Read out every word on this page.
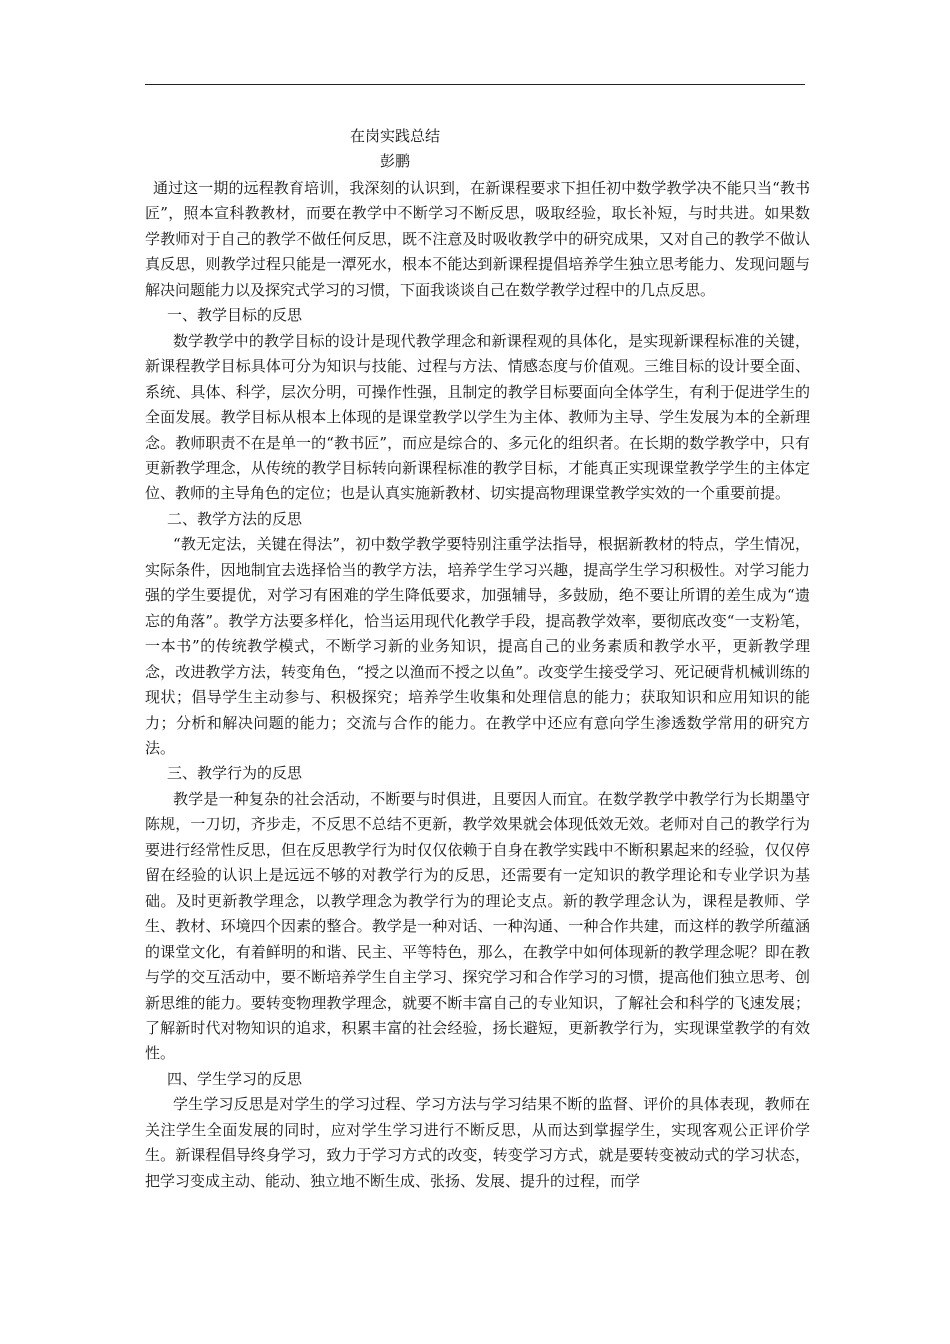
在岗实践总结
彭鹏

通过这一期的远程教育培训，我深刻的认识到，在新课程要求下担任初中数学教学决不能只当“教书匠”，照本宣科教教材，而要在教学中不断学习不断反思，吸取经验，取长补短，与时共进。如果数学教师对于自己的教学不做任何反思，既不注意及时吸收教学中的研究成果，又对自己的教学不做认真反思，则教学过程只能是一潭死水，根本不能达到新课程提倡培养学生独立思考能力、发现问题与解决问题能力以及探究式学习的习惯，下面我谈谈自己在数学教学过程中的几点反思。

一、教学目标的反思

数学教学中的教学目标的设计是现代教学理念和新课程观的具体化，是实现新课程标准的关键，新课程教学目标具体可分为知识与技能、过程与方法、情感态度与价值观。三维目标的设计要全面、系统、具体、科学，层次分明，可操作性强，且制定的教学目标要面向全体学生，有利于促进学生的全面发展。教学目标从根本上体现的是课堂教学以学生为主体、教师为主导、学生发展为本的全新理念。教师职责不在是单一的“教书匠”，而应是综合的、多元化的组织者。在长期的数学教学中，只有更新教学理念，从传统的教学目标转向新课程标准的教学目标，才能真正实现课堂教学学生的主体定位、教师的主导角色的定位；也是认真实施新教材、切实提高物理课堂教学实效的一个重要前提。

二、教学方法的反思

“教无定法，关键在得法”，初中数学教学要特别注重学法指导，根据新教材的特点，学生情况，实际条件，因地制宜去选择恰当的教学方法，培养学生学习兴趣，提高学生学习积极性。对学习能力强的学生要提优，对学习有困难的学生降低要求，加强辅导，多鼓励，绝不要让所谓的差生成为“遗忘的角落”。教学方法要多样化，恰当运用现代化教学手段，提高教学效率，要彻底改变“一支粉笔，一本书”的传统教学模式，不断学习新的业务知识，提高自己的业务素质和教学水平，更新教学理念，改进教学方法，转变角色，“授之以渔而不授之以鱼”。改变学生接受学习、死记硬背机械训练的现状；倡导学生主动参与、积极探究；培养学生收集和处理信息的能力；获取知识和应用知识的能力；分析和解决问题的能力；交流与合作的能力。在教学中还应有意向学生渗透数学常用的研究方法。

三、教学行为的反思

教学是一种复杂的社会活动，不断要与时俱进，且要因人而宜。在数学教学中教学行为长期墨守陈规，一刀切，齐步走，不反思不总结不更新，教学效果就会体现低效无效。老师对自己的教学行为要进行经常性反思，但在反思教学行为时仅仅依赖于自身在教学实践中不断积累起来的经验，仅仅停留在经验的认识上是远远不够的对教学行为的反思，还需要有一定知识的教学理论和专业学识为基础。及时更新教学理念，以教学理念为教学行为的理论支点。新的教学理念认为，课程是教师、学生、教材、环境四个因素的整合。教学是一种对话、一种沟通、一种合作共建，而这样的教学所蕴涵的课堂文化，有着鲜明的和谐、民主、平等特色，那么，在教学中如何体现新的教学理念呢？即在教与学的交互活动中，要不断培养学生自主学习、探究学习和合作学习的习惯，提高他们独立思考、创新思维的能力。要转变物理教学理念，就要不断丰富自己的专业知识，了解社会和科学的飞速发展；了解新时代对物知识的追求，积累丰富的社会经验，扬长避短，更新教学行为，实现课堂教学的有效性。

四、学生学习的反思

学生学习反思是对学生的学习过程、学习方法与学习结果不断的监督、评价的具体表现，教师在关注学生全面发展的同时，应对学生学习进行不断反思，从而达到掌握学生，实现客观公正评价学生。新课程倡导终身学习，致力于学习方式的改变，转变学习方式，就是要转变被动式的学习状态，把学习变成主动、能动、独立地不断生成、张扬、发展、提升的过程，而学
